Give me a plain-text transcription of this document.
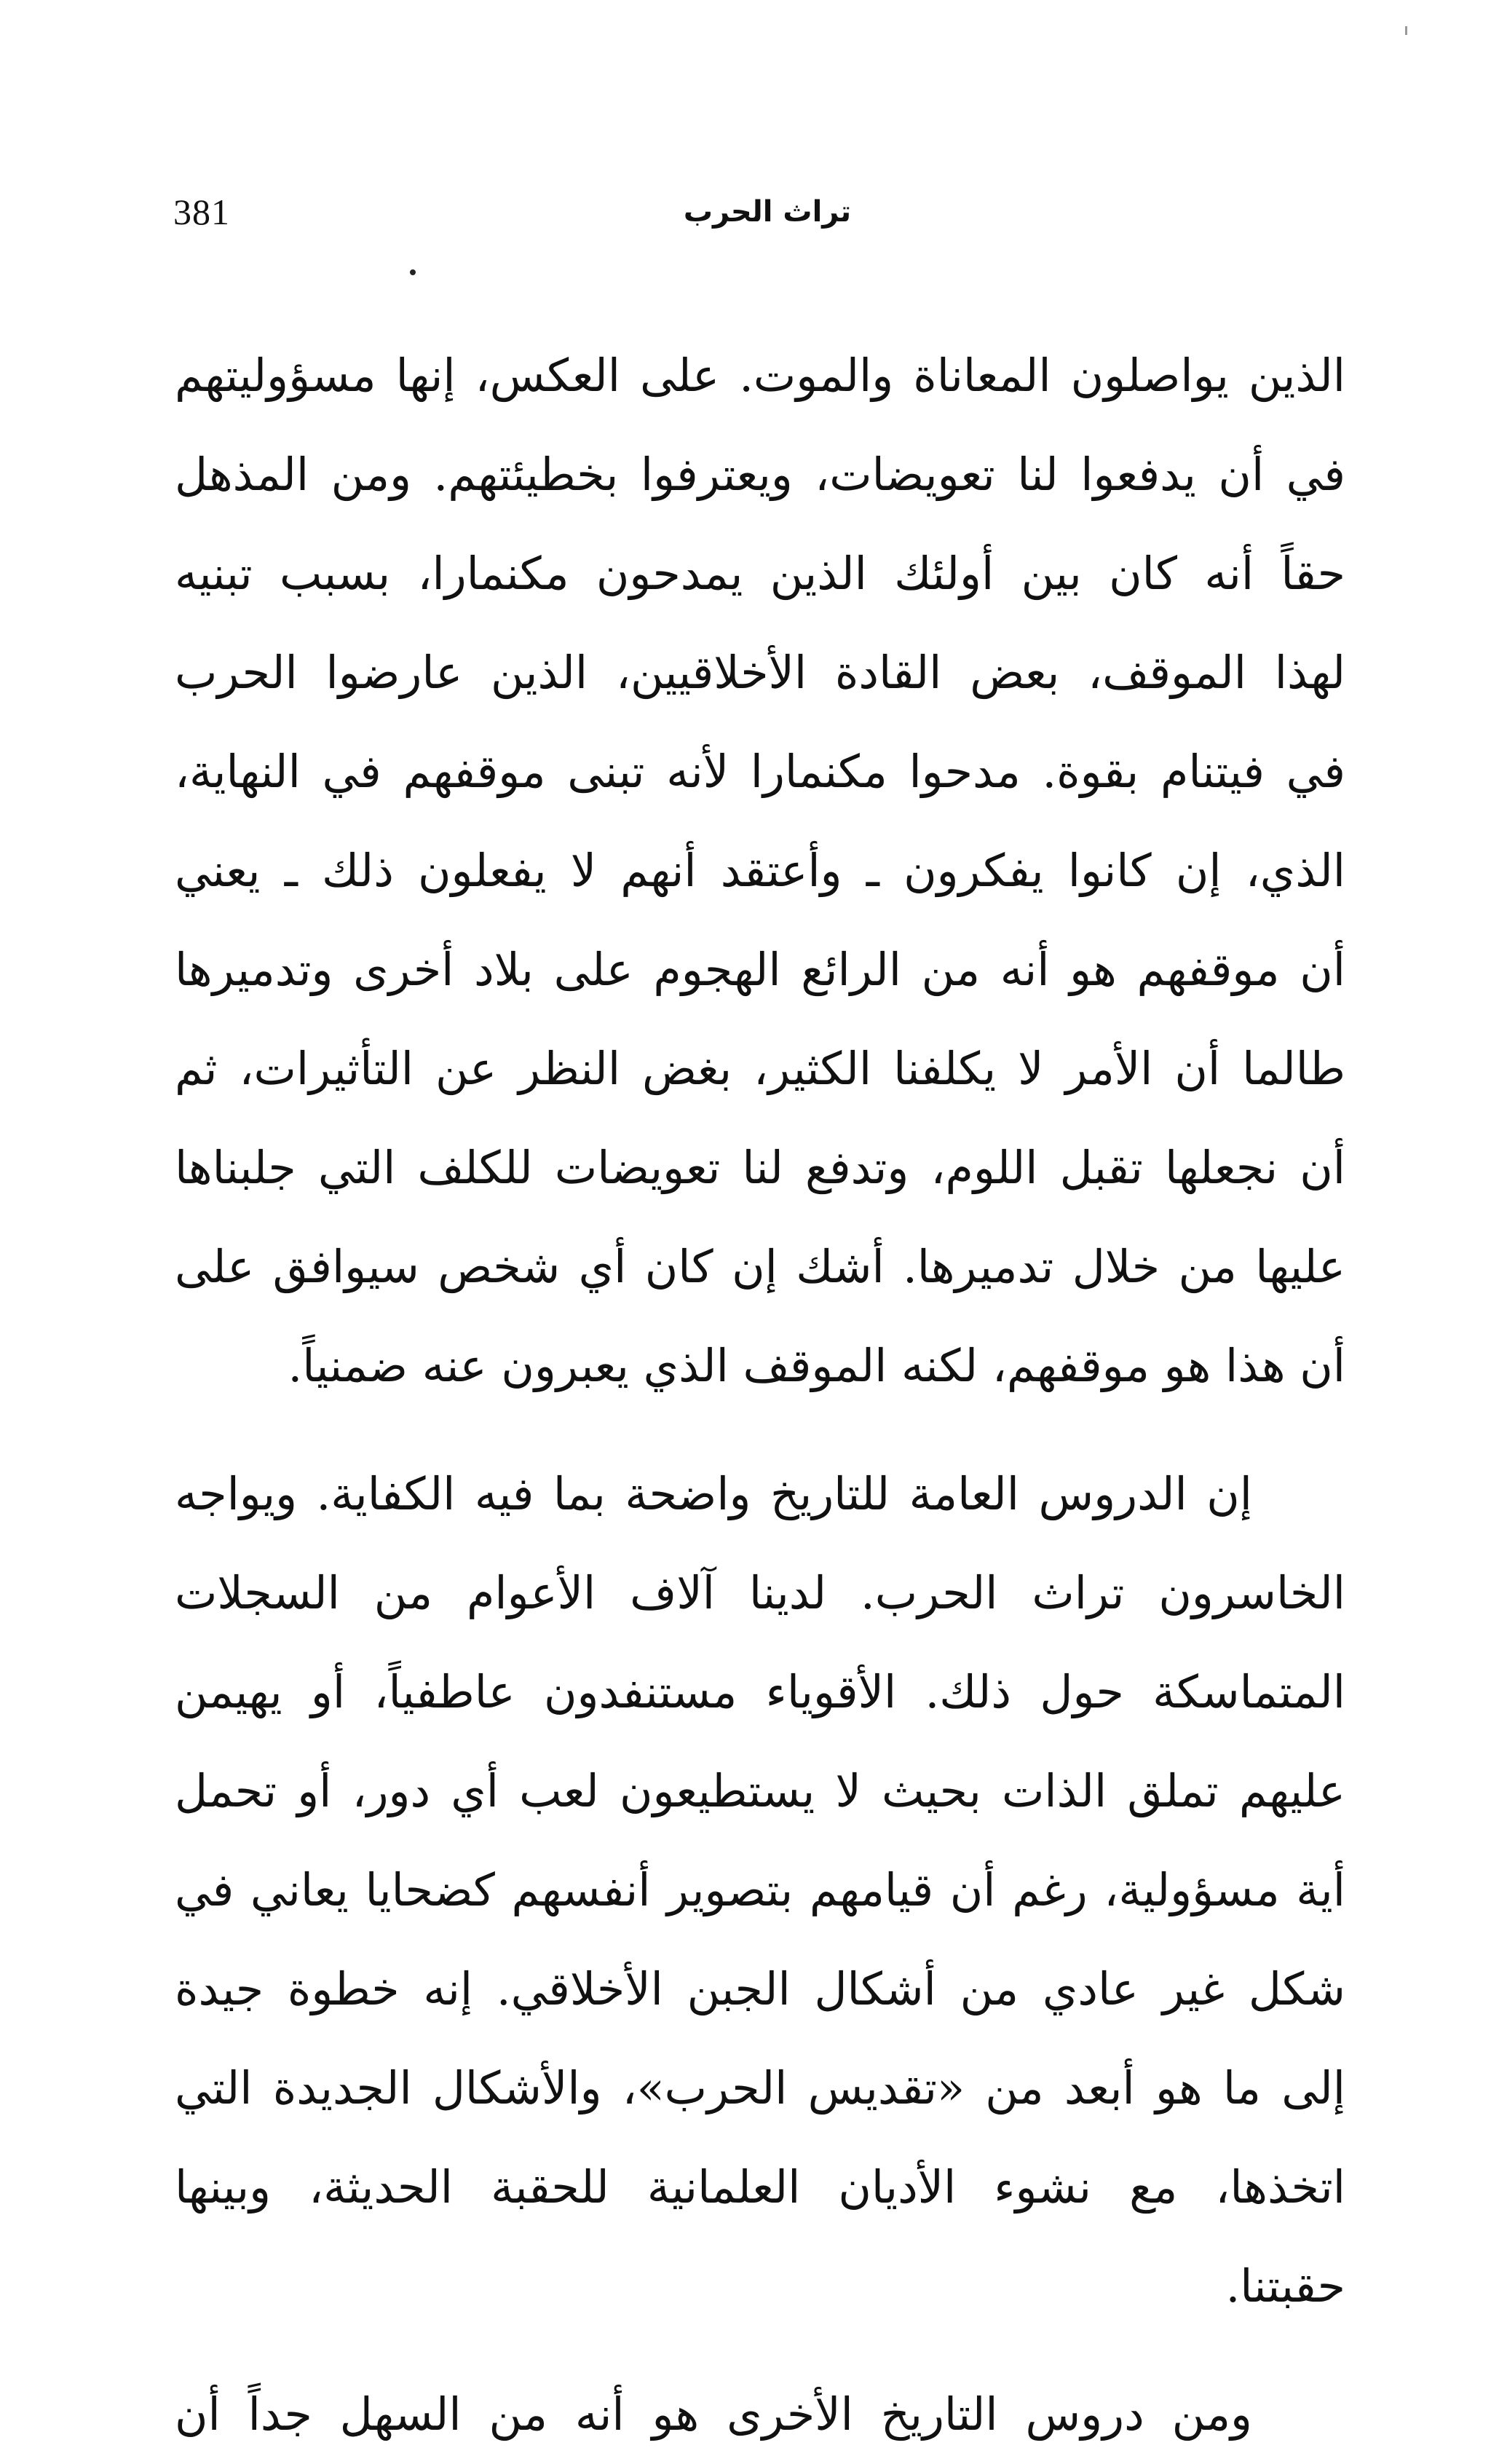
381	تراث الحرب
الذين يواصلون المعاناة والموت. على العكس، إنها مسؤوليتهم
في أن يدفعوا لنا تعويضات، ويعترفوا بخطيئتهم. ومن المذهل
حقاً أنه كان بين أولئك الذين يمدحون مكنمارا، بسبب تبنيه
لهذا الموقف، بعض القادة الأخلاقيين، الذين عارضوا الحرب
في فيتنام بقوة. مدحوا مكنمارا لأنه تبنى موقفهم في النهاية،
الذي، إن كانوا يفكرون ـ وأعتقد أنهم لا يفعلون ذلك ـ يعني
أن موقفهم هو أنه من الرائع الهجوم على بلاد أخرى وتدميرها
طالما أن الأمر لا يكلفنا الكثير، بغض النظر عن التأثيرات، ثم
أن نجعلها تقبل اللوم، وتدفع لنا تعويضات للكلف التي جلبناها
عليها من خلال تدميرها. أشك إن كان أي شخص سيوافق على
أن هذا هو موقفهم، لكنه الموقف الذي يعبرون عنه ضمنياً.
إن الدروس العامة للتاريخ واضحة بما فيه الكفاية. ويواجه
الخاسرون تراث الحرب. لدينا آلاف الأعوام من السجلات
المتماسكة حول ذلك. الأقوياء مستنفدون عاطفياً، أو يهيمن
عليهم تملق الذات بحيث لا يستطيعون لعب أي دور، أو تحمل
أية مسؤولية، رغم أن قيامهم بتصوير أنفسهم كضحايا يعاني في
شكل غير عادي من أشكال الجبن الأخلاقي. إنه خطوة جيدة
إلى ما هو أبعد من «تقديس الحرب»، والأشكال الجديدة التي
اتخذها، مع نشوء الأديان العلمانية للحقبة الحديثة، وبينها
حقبتنا.
ومن دروس التاريخ الأخرى هو أنه من السهل جداً أن
